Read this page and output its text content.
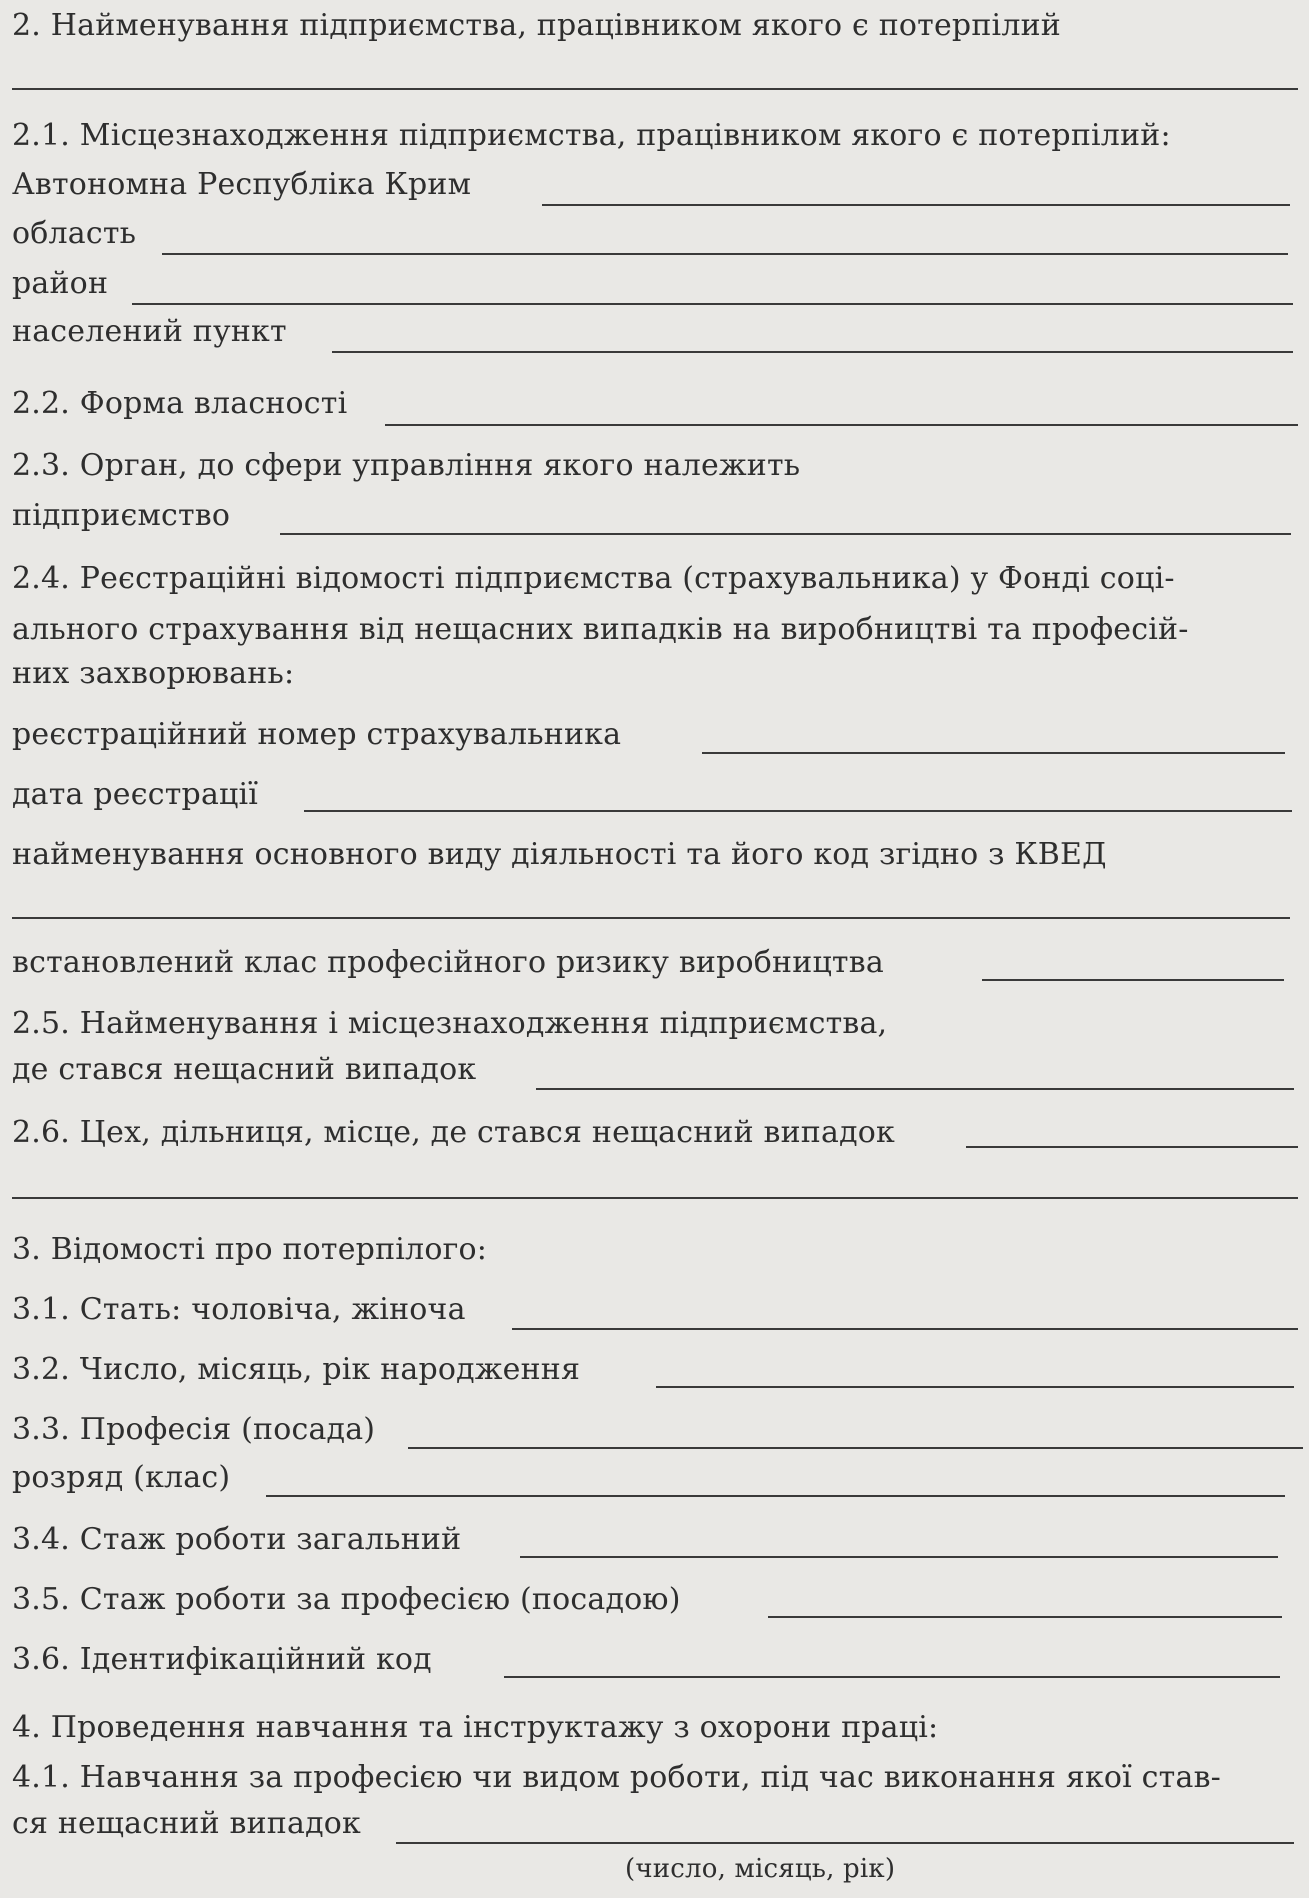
2. Найменування підприємства, працівником якого є потерпілий
2.1. Місцезнаходження підприємства, працівником якого є потерпілий:
Автономна Республіка Крим
область
район
населений пункт
2.2. Форма власності
2.3. Орган, до сфери управління якого належить
підприємство
2.4. Реєстраційні відомості підприємства (страхувальника) у Фонді соці-
ального страхування від нещасних випадків на виробництві та професій-
них захворювань:
реєстраційний номер страхувальника
дата реєстрації
найменування основного виду діяльності та його код згідно з КВЕД
встановлений клас професійного ризику виробництва
2.5. Найменування і місцезнаходження підприємства,
де стався нещасний випадок
2.6. Цех, дільниця, місце, де стався нещасний випадок
3. Відомості про потерпілого:
3.1. Стать: чоловіча, жіноча
3.2. Число, місяць, рік народження
3.3. Професія (посада)
розряд (клас)
3.4. Стаж роботи загальний
3.5. Стаж роботи за професією (посадою)
3.6. Ідентифікаційний код
4. Проведення навчання та інструктажу з охорони праці:
4.1. Навчання за професією чи видом роботи, під час виконання якої став-
ся нещасний випадок
(число, місяць, рік)
